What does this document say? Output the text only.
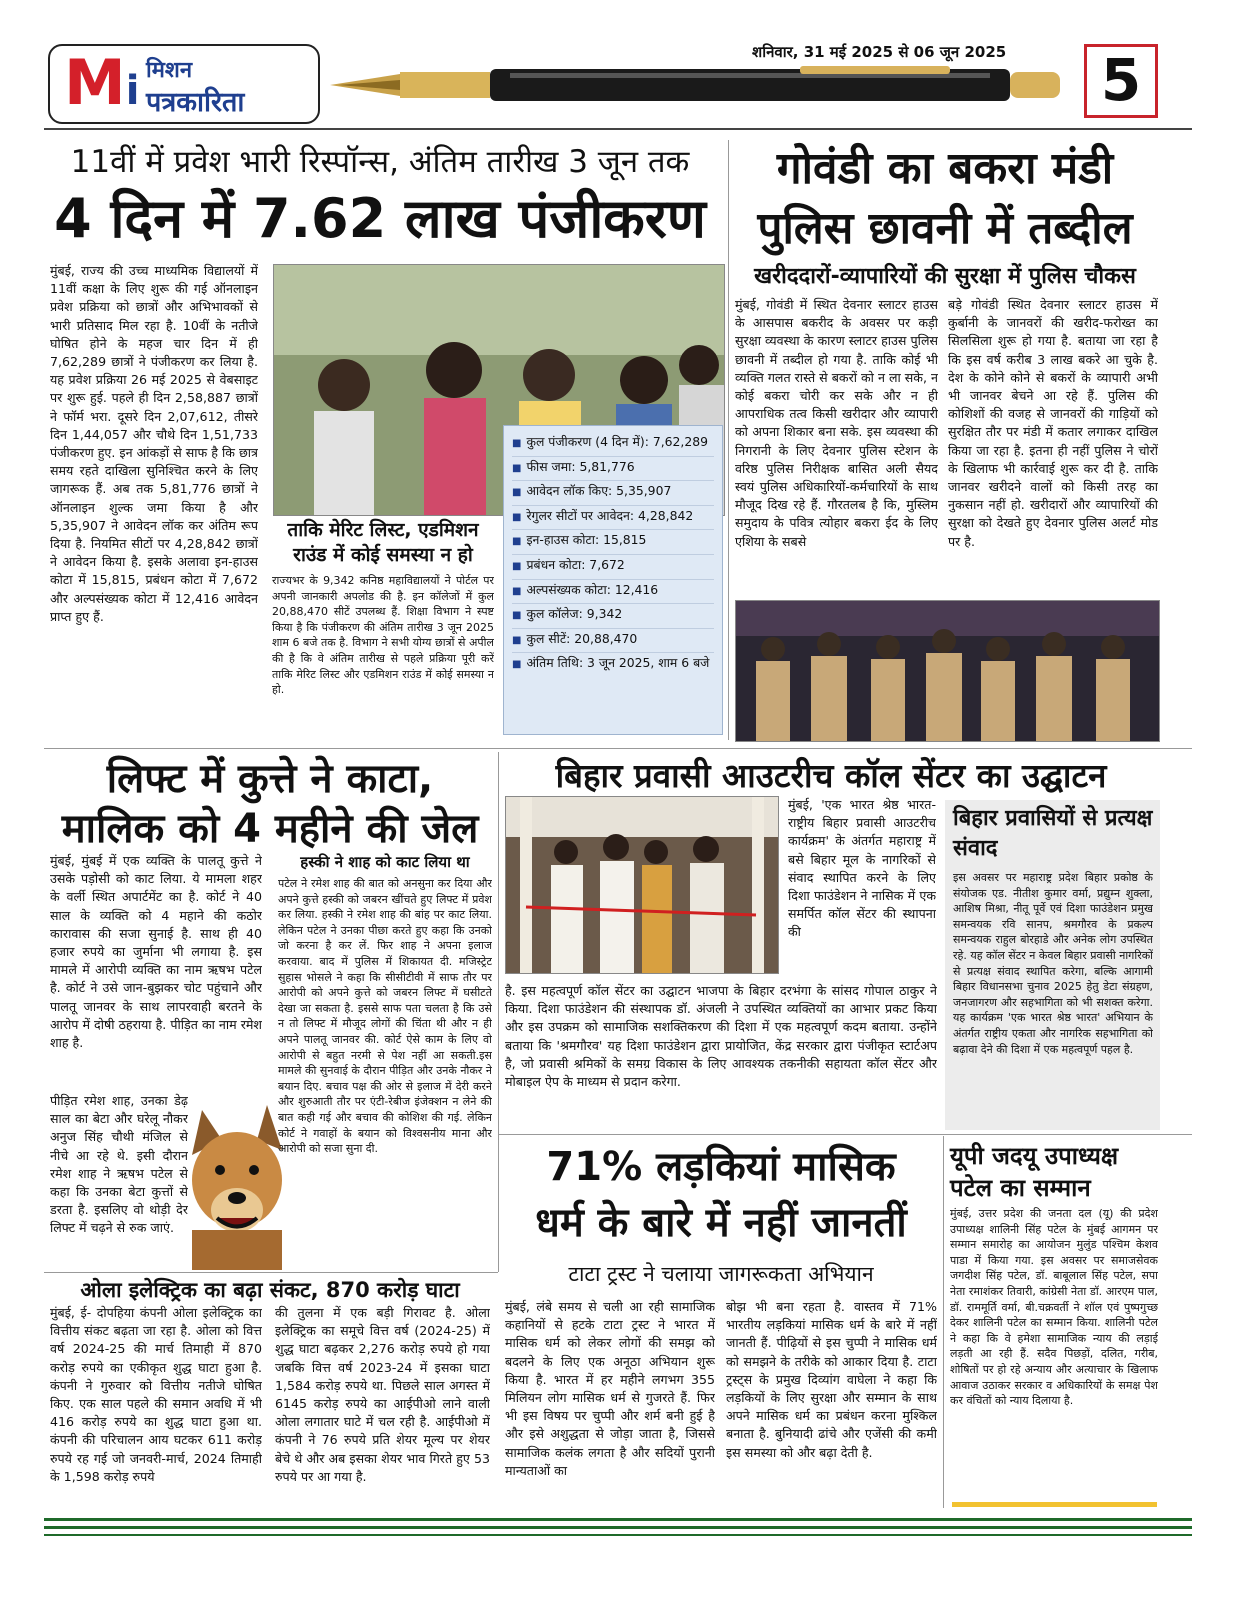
Mi मिशन
पत्रकारिता
शनिवार, 31 मई 2025 से 06 जून 2025 5
11वीं में प्रवेश भारी रिस्पॉन्स, अंतिम तारीख 3 जून तक
4 दिन में 7.62 लाख पंजीकरण
मुंबई, राज्य की उच्च माध्यमिक विद्यालयों में 11वीं कक्षा के लिए शुरू की गई ऑनलाइन प्रवेश प्रक्रिया को छात्रों और अभिभावकों से भारी प्रतिसाद मिल रहा है. 10वीं के नतीजे घोषित होने के महज चार दिन में ही 7,62,289 छात्रों ने पंजीकरण कर लिया है. यह प्रवेश प्रक्रिया 26 मई 2025 से वेबसाइट पर शुरू हुई. पहले ही दिन 2,58,887 छात्रों ने फॉर्म भरा. दूसरे दिन 2,07,612, तीसरे दिन 1,44,057 और चौथे दिन 1,51,733 पंजीकरण हुए. इन आंकड़ों से साफ है कि छात्र समय रहते दाखिला सुनिश्चित करने के लिए जागरूक हैं. अब तक 5,81,776 छात्रों ने ऑनलाइन शुल्क जमा किया है और 5,35,907 ने आवेदन लॉक कर अंतिम रूप दिया है. नियमित सीटों पर 4,28,842 छात्रों ने आवेदन किया है. इसके अलावा इन-हाउस कोटा में 15,815, प्रबंधन कोटा में 7,672 और अल्पसंख्यक कोटा में 12,416 आवेदन प्राप्त हुए हैं.
ताकि मेरिट लिस्ट, एडमिशन राउंड में कोई समस्या न हो
राज्यभर के 9,342 कनिष्ठ महाविद्यालयों ने पोर्टल पर अपनी जानकारी अपलोड की है. इन कॉलेजों में कुल 20,88,470 सीटें उपलब्ध हैं. शिक्षा विभाग ने स्पष्ट किया है कि पंजीकरण की अंतिम तारीख 3 जून 2025 शाम 6 बजे तक है. विभाग ने सभी योग्य छात्रों से अपील की है कि वे अंतिम तारीख से पहले प्रक्रिया पूरी करें ताकि मेरिट लिस्ट और एडमिशन राउंड में कोई समस्या न हो.
■ कुल पंजीकरण (4 दिन में): 7,62,289
■ फीस जमा: 5,81,776
■ आवेदन लॉक किए: 5,35,907
■ रेगुलर सीटों पर आवेदन: 4,28,842
■ इन-हाउस कोटा: 15,815
■ प्रबंधन कोटा: 7,672
■ अल्पसंख्यक कोटा: 12,416
■ कुल कॉलेज: 9,342
■ कुल सीटें: 20,88,470
■ अंतिम तिथि: 3 जून 2025, शाम 6 बजे
गोवंडी का बकरा मंडी
पुलिस छावनी में तब्दील
खरीददारों-व्यापारियों की सुरक्षा में पुलिस चौकस
मुंबई, गोवंडी में स्थित देवनार स्लाटर हाउस के आसपास बकरीद के अवसर पर कड़ी सुरक्षा व्यवस्था के कारण स्लाटर हाउस पुलिस छावनी में तब्दील हो गया है. ताकि कोई भी व्यक्ति गलत रास्ते से बकरों को न ला सके, न कोई बकरा चोरी कर सके और न ही आपराधिक तत्व किसी खरीदार और व्यापारी को अपना शिकार बना सके. इस व्यवस्था की निगरानी के लिए देवनार पुलिस स्टेशन के वरिष्ठ पुलिस निरीक्षक बासित अली सैयद स्वयं पुलिस अधिकारियों-कर्मचारियों के साथ मौजूद दिख रहे हैं. गौरतलब है कि, मुस्लिम समुदाय के पवित्र त्योहार बकरा ईद के लिए एशिया के सबसे
बड़े गोवंडी स्थित देवनार स्लाटर हाउस में कुर्बानी के जानवरों की खरीद-फरोख्त का सिलसिला शुरू हो गया है. बताया जा रहा है कि इस वर्ष करीब 3 लाख बकरे आ चुके है. देश के कोने कोने से बकरों के व्यापारी अभी भी जानवर बेचने आ रहे हैं. पुलिस की कोशिशों की वजह से जानवरों की गाड़ियों को सुरक्षित तौर पर मंडी में कतार लगाकर दाखिल किया जा रहा है. इतना ही नहीं पुलिस ने चोरों के खिलाफ भी कार्रवाई शुरू कर दी है. ताकि जानवर खरीदने वालों को किसी तरह का नुकसान नहीं हो. खरीदारों और व्यापारियों की सुरक्षा को देखते हुए देवनार पुलिस अलर्ट मोड पर है.
लिफ्ट में कुत्ते ने काटा,
मालिक को 4 महीने की जेल
मुंबई, मुंबई में एक व्यक्ति के पालतू कुत्ते ने उसके पड़ोसी को काट लिया. ये मामला शहर के वर्ली स्थित अपार्टमेंट का है. कोर्ट ने 40 साल के व्यक्ति को 4 महाने की कठोर कारावास की सजा सुनाई है. साथ ही 40 हजार रुपये का जुर्माना भी लगाया है. इस मामले में आरोपी व्यक्ति का नाम ऋषभ पटेल है. कोर्ट ने उसे जान-बुझकर चोट पहुंचाने और पालतू जानवर के साथ लापरवाही बरतने के आरोप में दोषी ठहराया है. पीड़ित का नाम रमेश शाह है.
पीड़ित रमेश शाह, उनका डेढ़ साल का बेटा और घरेलू नौकर अनुज सिंह चौथी मंजिल से नीचे आ रहे थे. इसी दौरान रमेश शाह ने ऋषभ पटेल से कहा कि उनका बेटा कुत्तों से डरता है. इसलिए वो थोड़ी देर लिफ्ट में चढ़ने से रुक जाएं.
हस्की ने शाह को काट लिया था
पटेल ने रमेश शाह की बात को अनसुना कर दिया और अपने कुत्ते हस्की को जबरन खींचते हुए लिफ्ट में प्रवेश कर लिया. हस्की ने रमेश शाह की बांह पर काट लिया. लेकिन पटेल ने उनका पीछा करते हुए कहा कि उनको जो करना है कर लें. फिर शाह ने अपना इलाज करवाया. बाद में पुलिस में शिकायत दी. मजिस्ट्रेट सुहास भोसले ने कहा कि सीसीटीवी में साफ तौर पर आरोपी को अपने कुत्ते को जबरन लिफ्ट में घसीटते देखा जा सकता है. इससे साफ पता चलता है कि उसे न तो लिफ्ट में मौजूद लोगों की चिंता थी और न ही अपने पालतू जानवर की. कोर्ट ऐसे काम के लिए वो आरोपी से बहुत नरमी से पेश नहीं आ सकती.इस मामले की सुनवाई के दौरान पीड़ित और उनके नौकर ने बयान दिए. बचाव पक्ष की ओर से इलाज में देरी करने और शुरुआती तौर पर एंटी-रेबीज इंजेक्शन न लेने की बात कही गई और बचाव की कोशिश की गई. लेकिन कोर्ट ने गवाहों के बयान को विश्वसनीय माना और आरोपी को सजा सुना दी.
ओला इलेक्ट्रिक का बढ़ा संकट, 870 करोड़ घाटा
मुंबई, ई- दोपहिया कंपनी ओला इलेक्ट्रिक का वित्तीय संकट बढ़ता जा रहा है. ओला को वित्त वर्ष 2024-25 की मार्च तिमाही में 870 करोड़ रुपये का एकीकृत शुद्ध घाटा हुआ है. कंपनी ने गुरुवार को वित्तीय नतीजे घोषित किए. एक साल पहले की समान अवधि में भी 416 करोड़ रुपये का शुद्ध घाटा हुआ था. कंपनी की परिचालन आय घटकर 611 करोड़ रुपये रह गई जो जनवरी-मार्च, 2024 तिमाही के 1,598 करोड़ रुपये
की तुलना में एक बड़ी गिरावट है. ओला इलेक्ट्रिक का समूचे वित्त वर्ष (2024-25) में शुद्ध घाटा बढ़कर 2,276 करोड़ रुपये हो गया जबकि वित्त वर्ष 2023-24 में इसका घाटा 1,584 करोड़ रुपये था. पिछले साल अगस्त में 6145 करोड़ रुपये का आईपीओ लाने वाली ओला लगातार घाटे में चल रही है. आईपीओ में कंपनी ने 76 रुपये प्रति शेयर मूल्य पर शेयर बेचे थे और अब इसका शेयर भाव गिरते हुए 53 रुपये पर आ गया है.
बिहार प्रवासी आउटरीच कॉल सेंटर का उद्घाटन
मुंबई, 'एक भारत श्रेष्ठ भारत-राष्ट्रीय बिहार प्रवासी आउटरीच कार्यक्रम' के अंतर्गत महाराष्ट्र में बसे बिहार मूल के नागरिकों से संवाद स्थापित करने के लिए दिशा फाउंडेशन ने नासिक में एक समर्पित कॉल सेंटर की स्थापना की
है. इस महत्वपूर्ण कॉल सेंटर का उद्घाटन भाजपा के बिहार दरभंगा के सांसद गोपाल ठाकुर ने किया. दिशा फाउंडेशन की संस्थापक डॉ. अंजली ने उपस्थित व्यक्तियों का आभार प्रकट किया और इस उपक्रम को सामाजिक सशक्तिकरण की दिशा में एक महत्वपूर्ण कदम बताया. उन्होंने बताया कि 'श्रमगौरव' यह दिशा फाउंडेशन द्वारा प्रायोजित, केंद्र सरकार द्वारा पंजीकृत स्टार्टअप है, जो प्रवासी श्रमिकों के समग्र विकास के लिए आवश्यक तकनीकी सहायता कॉल सेंटर और मोबाइल ऐप के माध्यम से प्रदान करेगा.
बिहार प्रवासियों से प्रत्यक्ष संवाद
इस अवसर पर महाराष्ट्र प्रदेश बिहार प्रकोष्ठ के संयोजक एड. नीतीश कुमार वर्मा, प्रद्युम्न शुक्ला, आशिष मिश्रा, नीतू पूर्वे एवं दिशा फाउंडेशन प्रमुख समन्वयक रवि सानप, श्रमगौरव के प्रकल्प समन्वयक राहुल बोरहाडे और अनेक लोग उपस्थित रहे. यह कॉल सेंटर न केवल बिहार प्रवासी नागरिकों से प्रत्यक्ष संवाद स्थापित करेगा, बल्कि आगामी बिहार विधानसभा चुनाव 2025 हेतु डेटा संग्रहण, जनजागरण और सहभागिता को भी सशक्त करेगा. यह कार्यक्रम 'एक भारत श्रेष्ठ भारत' अभियान के अंतर्गत राष्ट्रीय एकता और नागरिक सहभागिता को बढ़ावा देने की दिशा में एक महत्वपूर्ण पहल है.
71% लड़कियां मासिक
धर्म के बारे में नहीं जानतीं
टाटा ट्रस्ट ने चलाया जागरूकता अभियान
मुंबई, लंबे समय से चली आ रही सामाजिक कहानियों से हटके टाटा ट्रस्ट ने भारत में मासिक धर्म को लेकर लोगों की समझ को बदलने के लिए एक अनूठा अभियान शुरू किया है. भारत में हर महीने लगभग 355 मिलियन लोग मासिक धर्म से गुजरते हैं. फिर भी इस विषय पर चुप्पी और शर्म बनी हुई है और इसे अशुद्धता से जोड़ा जाता है, जिससे सामाजिक कलंक लगता है और सदियों पुरानी मान्यताओं का
बोझ भी बना रहता है. वास्तव में 71% भारतीय लड़कियां मासिक धर्म के बारे में नहीं जानती हैं. पीढ़ियों से इस चुप्पी ने मासिक धर्म को समझने के तरीके को आकार दिया है. टाटा ट्रस्ट्स के प्रमुख दिव्यांग वाघेला ने कहा कि लड़कियों के लिए सुरक्षा और सम्मान के साथ अपने मासिक धर्म का प्रबंधन करना मुश्किल बनाता है. बुनियादी ढांचे और एजेंसी की कमी इस समस्या को और बढ़ा देती है.
यूपी जदयू उपाध्यक्ष
पटेल का सम्मान
मुंबई, उत्तर प्रदेश की जनता दल (यू) की प्रदेश उपाध्यक्ष शालिनी सिंह पटेल के मुंबई आगमन पर सम्मान समारोह का आयोजन मुलुंड पश्चिम केशव पाडा में किया गया. इस अवसर पर समाजसेवक जगदीश सिंह पटेल, डॉ. बाबूलाल सिंह पटेल, सपा नेता रमाशंकर तिवारी, कांग्रेसी नेता डॉ. आरएम पाल, डॉ. राममूर्ति वर्मा, बी.चक्रवर्ती ने शॉल एवं पुष्पगुच्छ देकर शालिनी पटेल का सम्मान किया. शालिनी पटेल ने कहा कि वे हमेशा सामाजिक न्याय की लड़ाई लड़ती आ रही हैं. सदैव पिछड़ों, दलित, गरीब, शोषितों पर हो रहे अन्याय और अत्याचार के खिलाफ आवाज उठाकर सरकार व अधिकारियों के समक्ष पेश कर वंचितों को न्याय दिलाया है.
